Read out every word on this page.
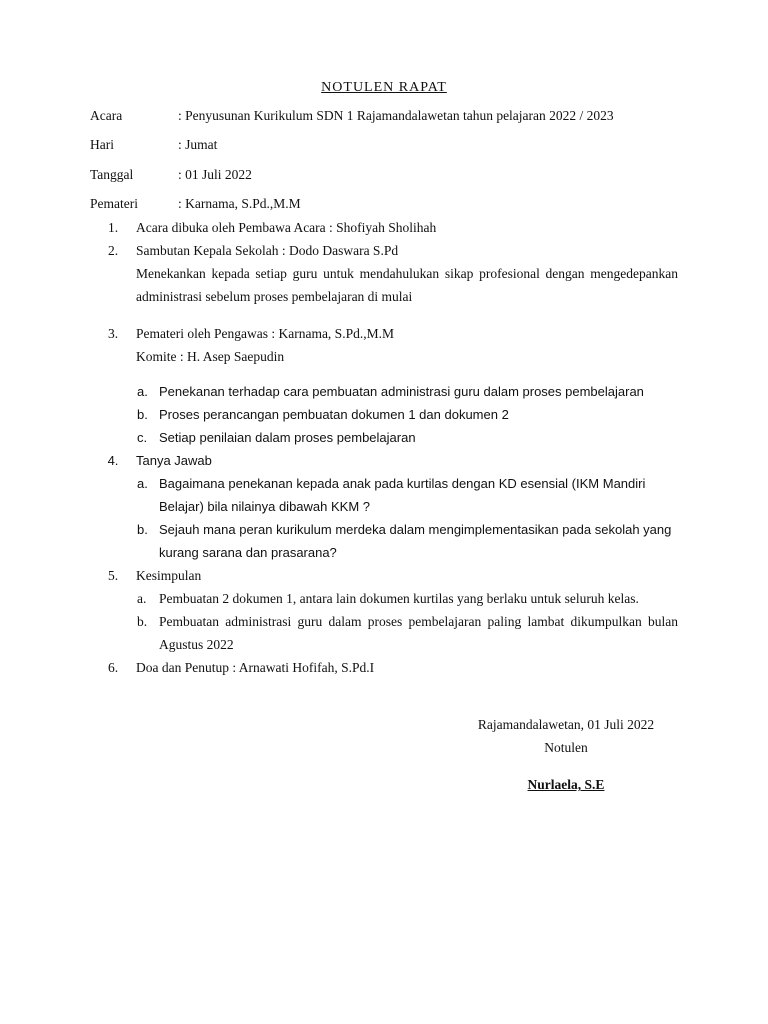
NOTULEN RAPAT

Acara	: Penyusunan Kurikulum SDN 1 Rajamandalawetan tahun pelajaran 2022 / 2023
Hari	: Jumat
Tanggal	: 01 Juli 2022
Pemateri	: Karnama, S.Pd.,M.M
1.	Acara dibuka oleh Pembawa Acara : Shofiyah Sholihah
2.	Sambutan Kepala Sekolah : Dodo Daswara S.Pd

Menekankan kepada setiap guru untuk mendahulukan sikap profesional dengan mengedepankan administrasi sebelum proses pembelajaran di mulai

3.	Pemateri oleh Pengawas : Karnama, S.Pd.,M.M
Komite : H. Asep Saepudin
a. Penekanan terhadap cara pembuatan administrasi guru dalam proses pembelajaran
b. Proses perancangan pembuatan dokumen 1 dan dokumen 2
c. Setiap penilaian dalam proses pembelajaran
4.	Tanya Jawab
a. Bagaimana penekanan kepada anak pada kurtilas dengan KD esensial (IKM Mandiri Belajar) bila nilainya dibawah KKM ?
b. Sejauh mana peran kurikulum merdeka dalam mengimplementasikan pada sekolah yang kurang sarana dan prasarana?
5.	Kesimpulan
a. Pembuatan 2 dokumen 1, antara lain dokumen kurtilas yang berlaku untuk seluruh kelas.
b. Pembuatan administrasi guru dalam proses pembelajaran paling lambat dikumpulkan bulan Agustus 2022
6.	Doa dan Penutup : Arnawati Hofifah, S.Pd.I

Rajamandalawetan, 01 Juli 2022

Notulen

Nurlaela, S.E
